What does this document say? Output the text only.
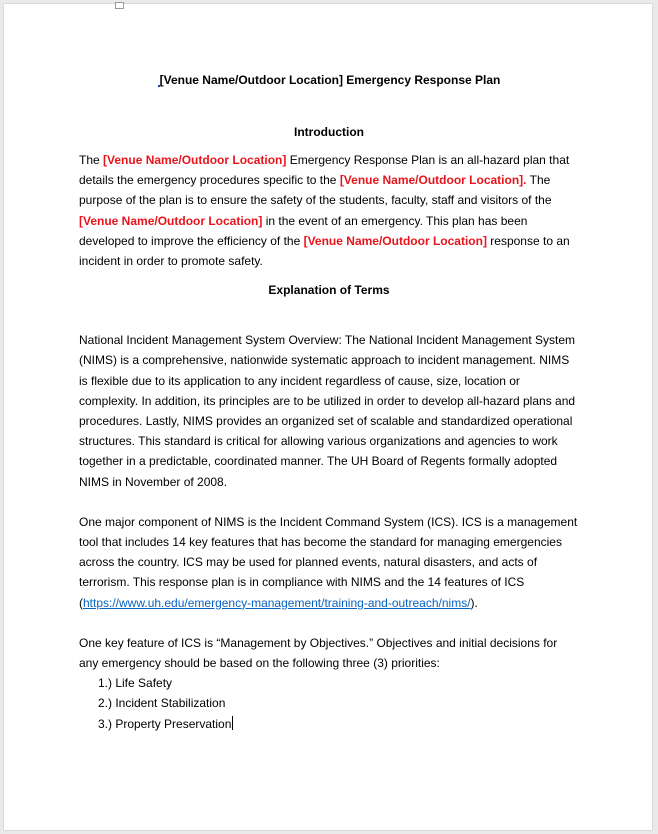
[Venue Name/Outdoor Location] Emergency Response Plan
Introduction

The [Venue Name/Outdoor Location] Emergency Response Plan is an all-hazard plan that details the emergency procedures specific to the [Venue Name/Outdoor Location]. The purpose of the plan is to ensure the safety of the students, faculty, staff and visitors of the [Venue Name/Outdoor Location] in the event of an emergency. This plan has been developed to improve the efficiency of the [Venue Name/Outdoor Location] response to an incident in order to promote safety.

Explanation of Terms

National Incident Management System Overview: The National Incident Management System (NIMS) is a comprehensive, nationwide systematic approach to incident management. NIMS is flexible due to its application to any incident regardless of cause, size, location or complexity. In addition, its principles are to be utilized in order to develop all-hazard plans and procedures. Lastly, NIMS provides an organized set of scalable and standardized operational structures. This standard is critical for allowing various organizations and agencies to work together in a predictable, coordinated manner. The UH Board of Regents formally adopted NIMS in November of 2008.

One major component of NIMS is the Incident Command System (ICS). ICS is a management tool that includes 14 key features that has become the standard for managing emergencies across the country. ICS may be used for planned events, natural disasters, and acts of terrorism. This response plan is in compliance with NIMS and the 14 features of ICS (https://www.uh.edu/emergency-management/training-and-outreach/nims/).

One key feature of ICS is “Management by Objectives.” Objectives and initial decisions for any emergency should be based on the following three (3) priorities:

1.) Life Safety
2.) Incident Stabilization
3.) Property Preservation
